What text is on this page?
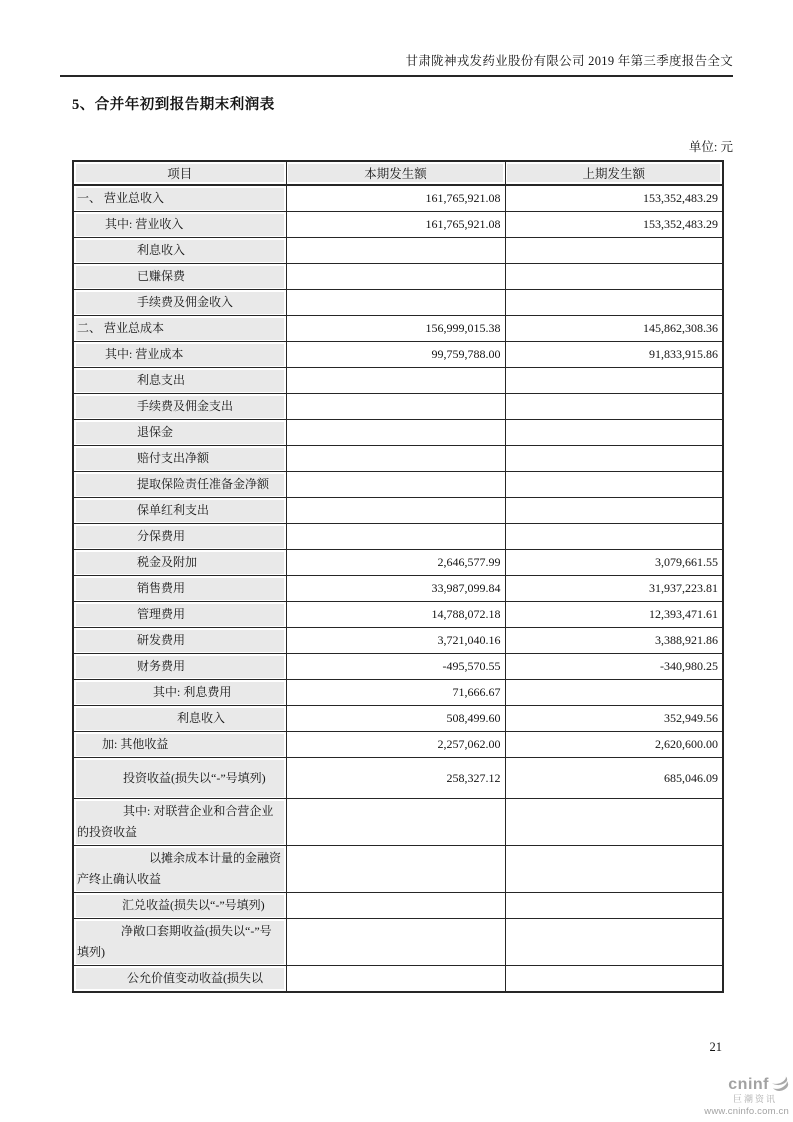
甘肃陇神戎发药业股份有限公司 2019 年第三季度报告全文
5、合并年初到报告期末利润表
单位: 元
项目	本期发生额	上期发生额

一、 营业总收入	161,765,921.08	153,352,483.29

其中: 营业收入	161,765,921.08	153,352,483.29

利息收入		

已赚保费		

手续费及佣金收入		

二、 营业总成本	156,999,015.38	145,862,308.36

其中: 营业成本	99,759,788.00	91,833,915.86

利息支出		

手续费及佣金支出		

退保金		

赔付支出净额		

提取保险责任准备金净额		

保单红利支出		

分保费用		

税金及附加	2,646,577.99	3,079,661.55

销售费用	33,987,099.84	31,937,223.81

管理费用	14,788,072.18	12,393,471.61

研发费用	3,721,040.16	3,388,921.86

财务费用	-495,570.55	-340,980.25

其中: 利息费用	71,666.67	

利息收入	508,499.60	352,949.56

加: 其他收益	2,257,062.00	2,620,600.00

投资收益(损失以“-”号填列)	258,327.12	685,046.09

其中: 对联营企业和合营企业的投资收益		

以摊余成本计量的金融资产终止确认收益		

汇兑收益(损失以“-”号填列)		

净敞口套期收益(损失以“-”号填列)		

公允价值变动收益(损失以		

21
cninf
巨潮资讯
www.cninfo.com.cn
